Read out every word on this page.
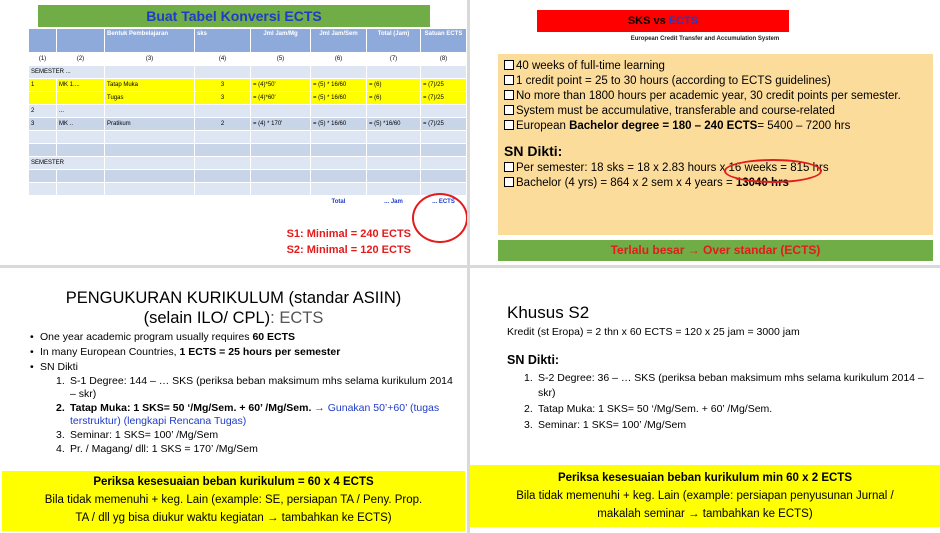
Buat Tabel Konversi ECTS
		Bentuk Pembelajaran	sks	Jml Jam/Mg	Jml Jam/Sem	Total (Jam)	Satuan ECTS
(1)	(2)	(3)	(4)	(5)	(6)	(7)	(8)
SEMESTER ...							
1	MK 1....	Tatap Muka	3	= (4)*50'	= (5) * 16/60	= (6)	= (7)/25
		Tugas	3	= (4)*60'	= (5) * 16/60	= (6)	= (7)/25
2	...						
3	MK ..	Pratikum	2	= (4) * 170'	= (5) * 16/60	= (5) *16/60	= (7)/25

SEMESTER							

					Total	... Jam	... ECTS
S1: Minimal = 240 ECTS
S2: Minimal = 120 ECTS
SKS vs ECTS
European Credit Transfer and Accumulation System
40 weeks of full-time learning
1 credit point = 25 to 30 hours (according to ECTS guidelines)
No more than 1800 hours per academic year, 30 credit points per semester.
System must be accumulative, transferable and course-related
European Bachelor degree = 180 – 240 ECTS= 5400 – 7200 hrs
SN Dikti:
Per semester: 18 sks = 18 x 2.83 hours x 16 weeks = 815 hrs
Bachelor (4 yrs) = 864 x 2 sem x 4 years = 13040 hrs
Terlalu besar → Over standar (ECTS)
PENGUKURAN KURIKULUM (standar ASIIN)
(selain ILO/ CPL): ECTS
• One year academic program usually requires 60 ECTS
• In many European Countries, 1 ECTS = 25 hours per semester
• SN Dikti
1. S-1 Degree: 144 – … SKS (periksa beban maksimum mhs selama kurikulum 2014 – skr)
2. Tatap Muka: 1 SKS= 50 ‘/Mg/Sem. + 60’ /Mg/Sem. → Gunakan 50’+60’ (tugas terstruktur) (lengkapi Rencana Tugas)
3. Seminar: 1 SKS= 100’ /Mg/Sem
4. Pr. / Magang/ dll: 1 SKS = 170’ /Mg/Sem
Periksa kesesuaian beban kurikulum = 60 x 4 ECTS
Bila tidak memenuhi + keg. Lain (example: SE, persiapan TA / Peny. Prop.
TA / dll yg bisa diukur waktu kegiatan → tambahkan ke ECTS)
Khusus S2
Kredit (st Eropa) = 2 thn x 60 ECTS = 120 x 25 jam = 3000 jam
SN Dikti:
1. S-2 Degree: 36 – … SKS (periksa beban maksimum mhs selama kurikulum 2014 – skr)
2. Tatap Muka: 1 SKS= 50 ‘/Mg/Sem. + 60’ /Mg/Sem.
3. Seminar: 1 SKS= 100’ /Mg/Sem
Periksa kesesuaian beban kurikulum min 60 x 2 ECTS
Bila tidak memenuhi + keg. Lain (example: persiapan penyusunan Jurnal /
makalah seminar → tambahkan ke ECTS)
